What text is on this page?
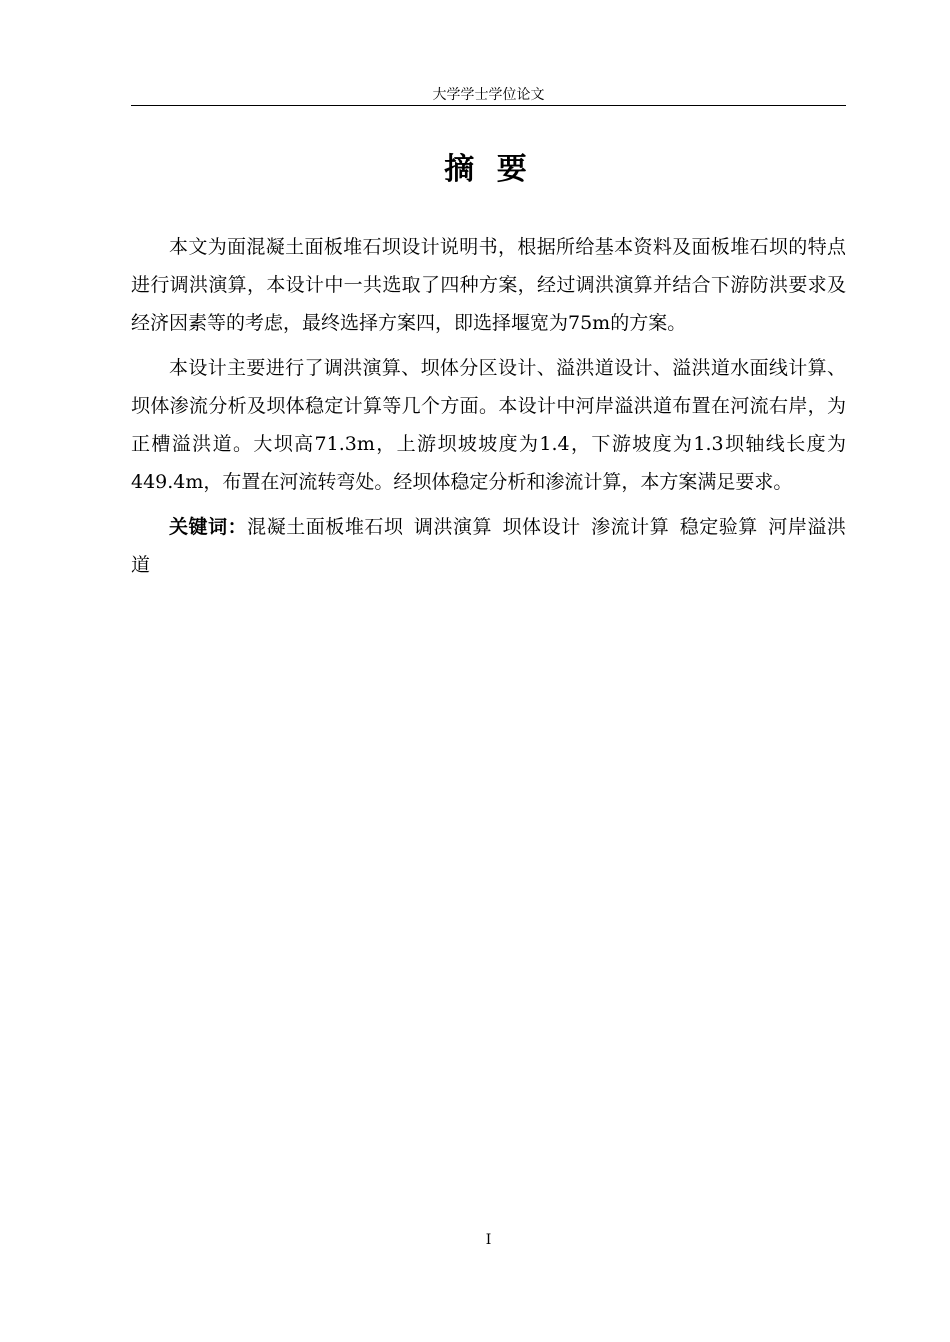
大学学士学位论文
摘 要

本文为面混凝土面板堆石坝设计说明书，根据所给基本资料及面板堆石坝的特点进行调洪演算，本设计中一共选取了四种方案，经过调洪演算并结合下游防洪要求及经济因素等的考虑，最终选择方案四，即选择堰宽为75m的方案。

本设计主要进行了调洪演算、坝体分区设计、溢洪道设计、溢洪道水面线计算、坝体渗流分析及坝体稳定计算等几个方面。本设计中河岸溢洪道布置在河流右岸，为正槽溢洪道。大坝高71.3m，上游坝坡坡度为1.4，下游坡度为1.3坝轴线长度为449.4m，布置在河流转弯处。经坝体稳定分析和渗流计算，本方案满足要求。

关键词：混凝土面板堆石坝 调洪演算 坝体设计 渗流计算 稳定验算 河岸溢洪道

I
